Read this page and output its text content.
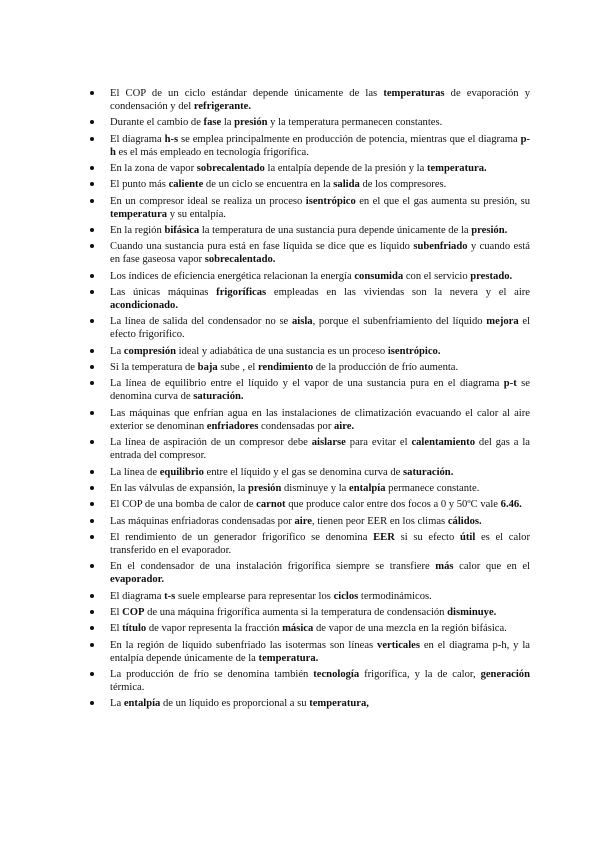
El COP de un ciclo estándar depende únicamente de las temperaturas de evaporación y condensación y del refrigerante.
Durante el cambio de fase la presión y la temperatura permanecen constantes.
El diagrama h-s se emplea principalmente en producción de potencia, mientras que el diagrama p-h es el más empleado en tecnología frigorífica.
En la zona de vapor sobrecalentado la entalpía depende de la presión y la temperatura.
El punto más caliente de un ciclo se encuentra en la salida de los compresores.
En un compresor ideal se realiza un proceso isentrópico en el que el gas aumenta su presión, su temperatura y su entalpía.
En la región bifásica la temperatura de una sustancia pura depende únicamente de la presión.
Cuando una sustancia pura está en fase líquida se dice que es líquido subenfriado y cuando está en fase gaseosa vapor sobrecalentado.
Los índices de eficiencia energética relacionan la energía consumida con el servicio prestado.
Las únicas máquinas frigoríficas empleadas en las viviendas son la nevera y el aire acondicionado.
La línea de salida del condensador no se aisla, porque el subenfriamiento del líquido mejora el efecto frigorífico.
La compresión ideal y adiabática de una sustancia es un proceso isentrópico.
Si la temperatura de baja sube , el rendimiento de la producción de frío aumenta.
La línea de equilibrio entre el líquido y el vapor de una sustancia pura en el diagrama p-t se denomina curva de saturación.
Las máquinas que enfrían agua en las instalaciones de climatización evacuando el calor al aire exterior se denominan enfriadores condensadas por aire.
La línea de aspiración de un compresor debe aislarse para evitar el calentamiento del gas a la entrada del compresor.
La línea de equilibrio entre el líquido y el gas se denomina curva de saturación.
En las válvulas de expansión, la presión disminuye y la entalpía permanece constante.
El COP de una bomba de calor de carnot que produce calor entre dos focos a 0 y 50ºC vale 6.46.
Las máquinas enfriadoras condensadas por aire, tienen peor EER en los climas cálidos.
El rendimiento de un generador frigorífico se denomina EER si su efecto útil es el calor transferido en el evaporador.
En el condensador de una instalación frigorífica siempre se transfiere más calor que en el evaporador.
El diagrama t-s suele emplearse para representar los ciclos termodinámicos.
El COP de una máquina frigorífica aumenta si la temperatura de condensación disminuye.
El título de vapor representa la fracción másica de vapor de una mezcla en la región bifásica.
En la región de líquido subenfriado las isotermas son líneas verticales en el diagrama p-h, y la entalpía depende únicamente de la temperatura.
La producción de frío se denomina también tecnología frigorífica, y la de calor, generación térmica.
La entalpía de un líquido es proporcional a su temperatura,
